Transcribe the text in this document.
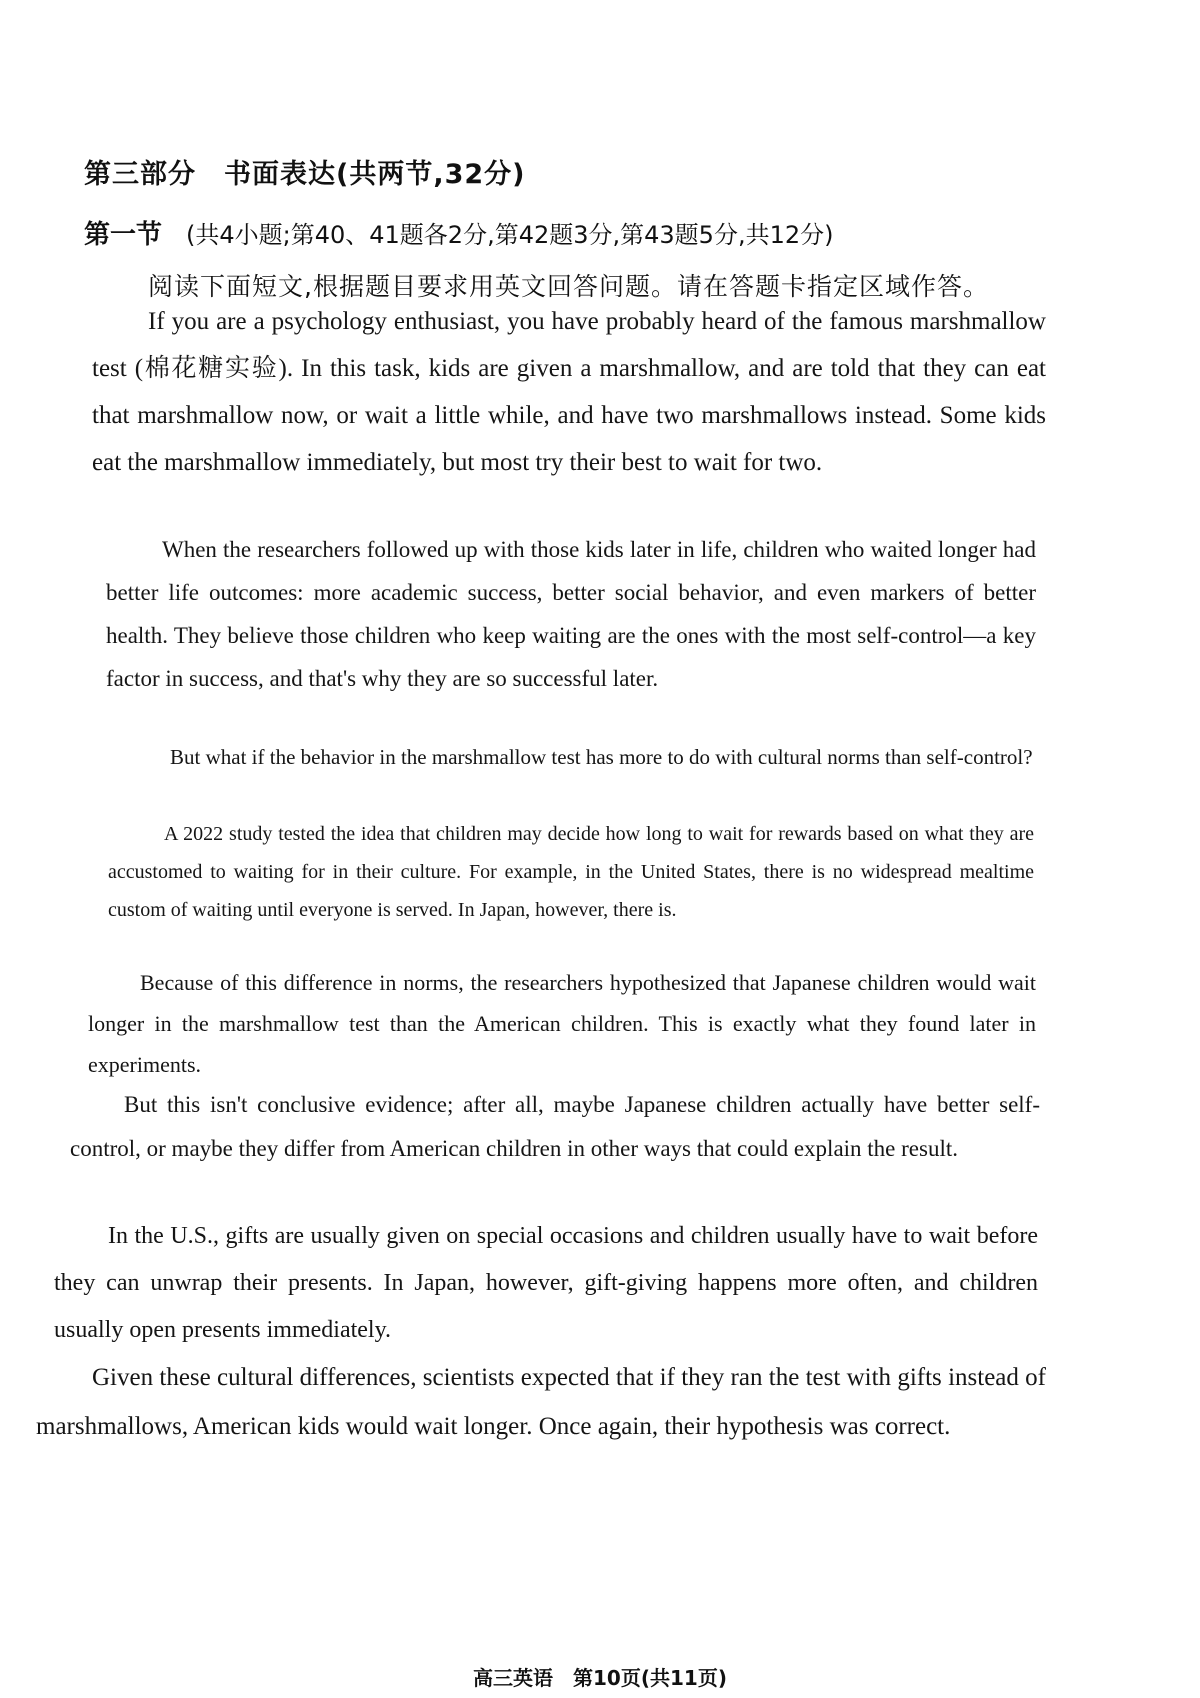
第三部分　书面表达(共两节,32分)
第一节 (共4小题;第40、41题各2分,第42题3分,第43题5分,共12分)
阅读下面短文,根据题目要求用英文回答问题。请在答题卡指定区域作答。

If you are a psychology enthusiast, you have probably heard of the famous marshmallow test (棉花糖实验). In this task, kids are given a marshmallow, and are told that they can eat that marshmallow now, or wait a little while, and have two marshmallows instead. Some kids eat the marshmallow immediately, but most try their best to wait for two.

When the researchers followed up with those kids later in life, children who waited longer had better life outcomes: more academic success, better social behavior, and even markers of better health. They believe those children who keep waiting are the ones with the most self-control—a key factor in success, and that's why they are so successful later.

But what if the behavior in the marshmallow test has more to do with cultural norms than self-control?

A 2022 study tested the idea that children may decide how long to wait for rewards based on what they are accustomed to waiting for in their culture. For example, in the United States, there is no widespread mealtime custom of waiting until everyone is served. In Japan, however, there is.

Because of this difference in norms, the researchers hypothesized that Japanese children would wait longer in the marshmallow test than the American children. This is exactly what they found later in experiments.

But this isn't conclusive evidence; after all, maybe Japanese children actually have better self-control, or maybe they differ from American children in other ways that could explain the result.

In the U.S., gifts are usually given on special occasions and children usually have to wait before they can unwrap their presents. In Japan, however, gift-giving happens more often, and children usually open presents immediately.

Given these cultural differences, scientists expected that if they ran the test with gifts instead of marshmallows, American kids would wait longer. Once again, their hypothesis was correct.

高三英语　第10页(共11页)
